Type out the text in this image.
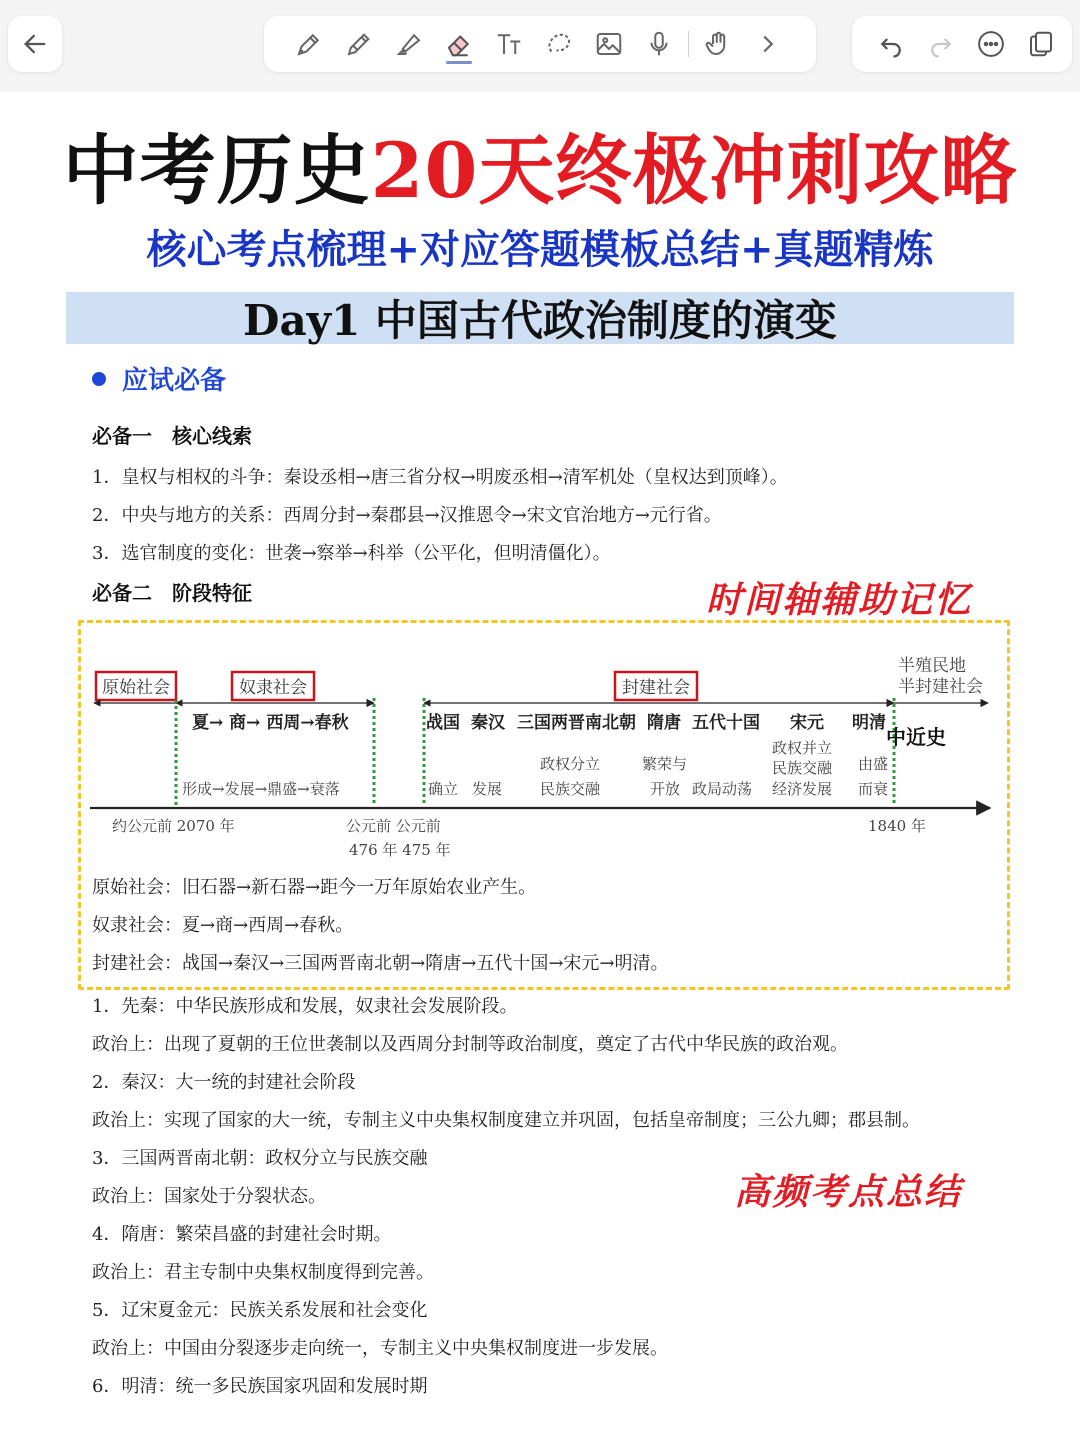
中考历史20天终极冲刺攻略
核心考点梳理+对应答题模板总结+真题精炼
Day1 中国古代政治制度的演变
应试必备
必备一　核心线索
1．皇权与相权的斗争：秦设丞相→唐三省分权→明废丞相→清军机处（皇权达到顶峰）。
2．中央与地方的关系：西周分封→秦郡县→汉推恩令→宋文官治地方→元行省。
3．选官制度的变化：世袭→察举→科举（公平化，但明清僵化）。
必备二　阶段特征	时间轴辅助记忆
原始社会	奴隶社会	封建社会
半殖民地
半封建社会
夏→ 商→ 西周→春秋	战国 秦汉 三国两晋南北朝 隋唐 五代十国 宋元 明清
中近史
政权分立
民族交融
繁荣与
开放 政局动荡
政权并立
民族交融
经济发展
由盛
而衰
形成→发展→鼎盛→衰落	确立 发展
约公元前 2070 年	公元前 公元前
476 年 475 年
1840 年
原始社会：旧石器→新石器→距今一万年原始农业产生。
奴隶社会：夏→商→西周→春秋。
封建社会：战国→秦汉→三国两晋南北朝→隋唐→五代十国→宋元→明清。
1．先秦：中华民族形成和发展，奴隶社会发展阶段。
政治上：出现了夏朝的王位世袭制以及西周分封制等政治制度，奠定了古代中华民族的政治观。
2．秦汉：大一统的封建社会阶段
政治上：实现了国家的大一统，专制主义中央集权制度建立并巩固，包括皇帝制度；三公九卿；郡县制。
3．三国两晋南北朝：政权分立与民族交融
政治上：国家处于分裂状态。
4．隋唐：繁荣昌盛的封建社会时期。
政治上：君主专制中央集权制度得到完善。
5．辽宋夏金元：民族关系发展和社会变化
政治上：中国由分裂逐步走向统一，专制主义中央集权制度进一步发展。
6．明清：统一多民族国家巩固和发展时期
高频考点总结
